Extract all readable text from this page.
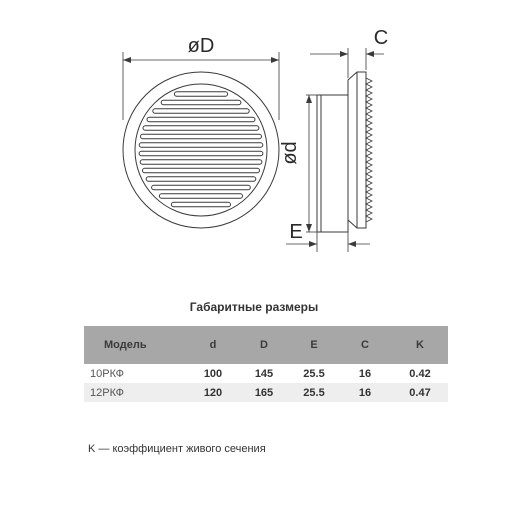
øD	C
ød
E
Габаритные размеры
Модель	d	D	E	C	K
10РКФ	100	145	25.5	16	0.42
12РКФ	120	165	25.5	16	0.47
K — коэффициент живого сечения
